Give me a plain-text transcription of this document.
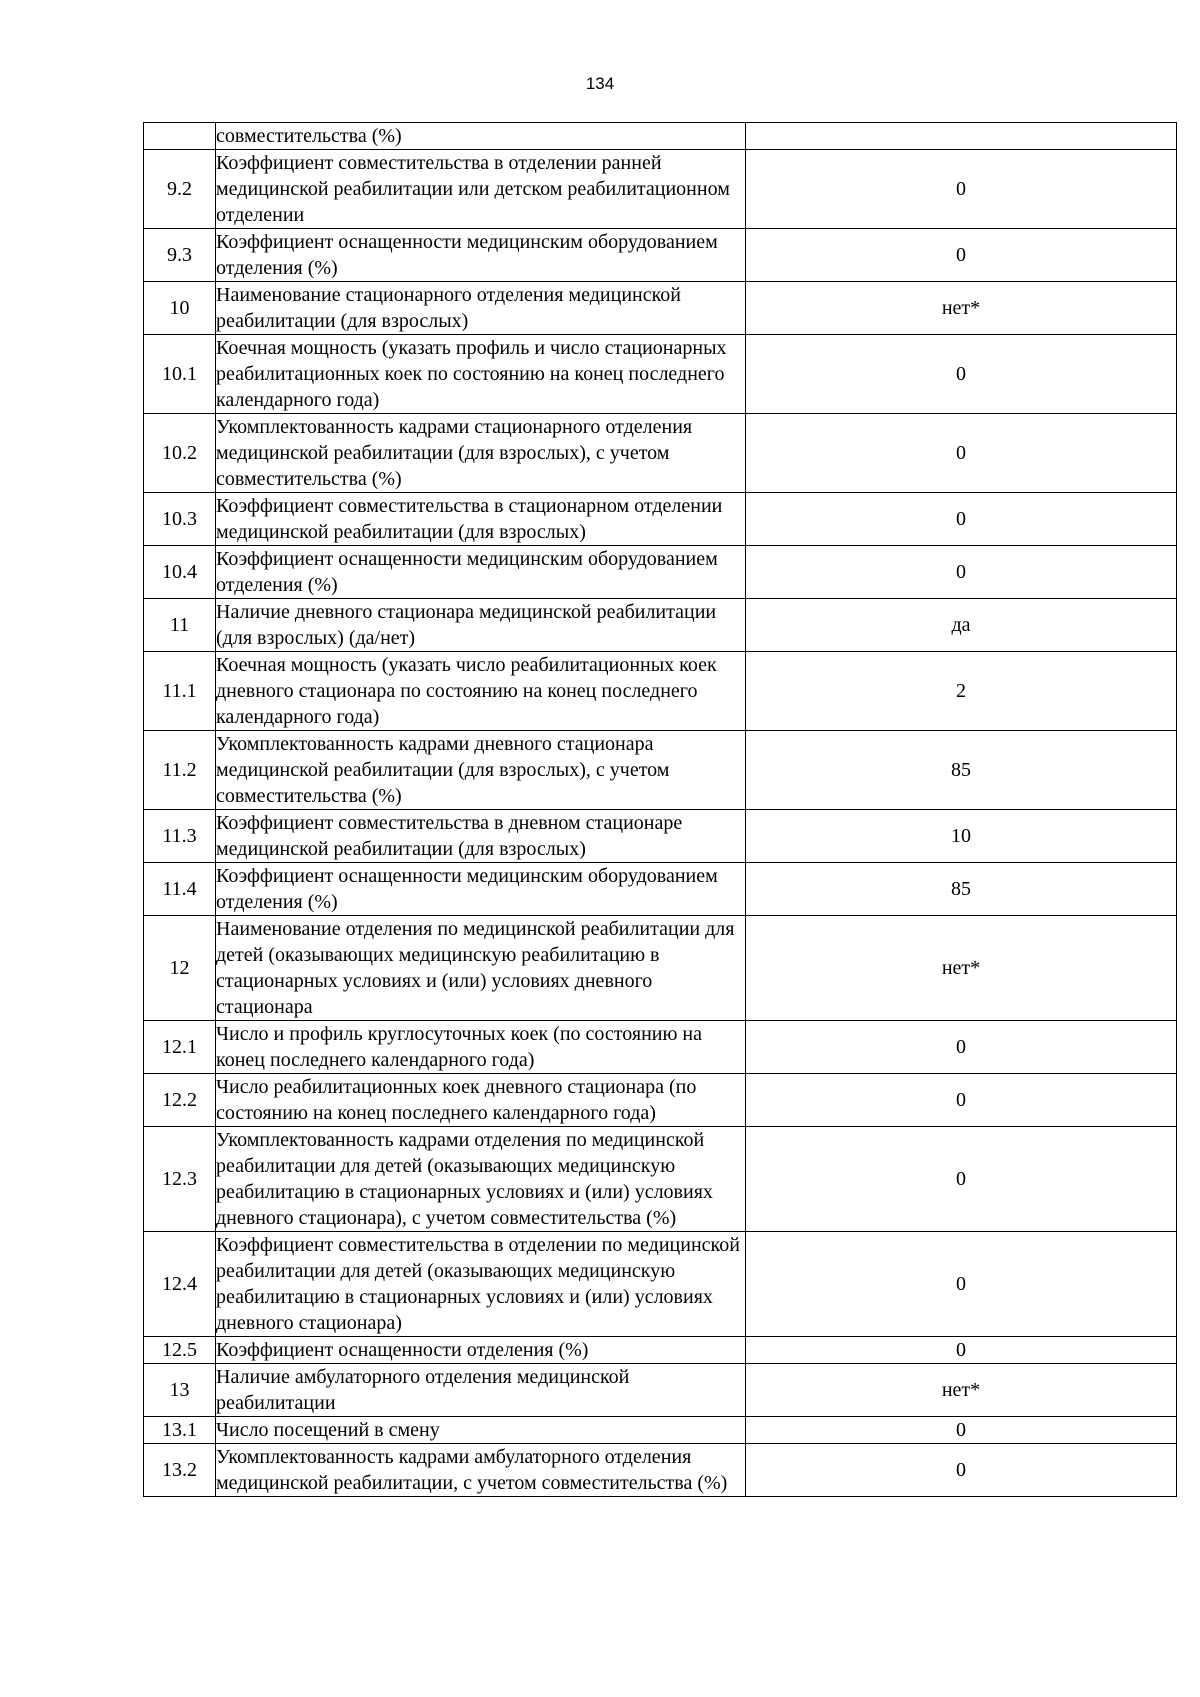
134
	совместительства (%)	
9.2	Коэффициент совместительства в отделении ранней медицинской реабилитации или детском реабилитационном отделении	0
9.3	Коэффициент оснащенности медицинским оборудованием отделения (%)	0
10	Наименование стационарного отделения медицинской реабилитации (для взрослых)	нет*
10.1	Коечная мощность (указать профиль и число стационарных реабилитационных коек по состоянию на конец последнего календарного года)	0
10.2	Укомплектованность кадрами стационарного отделения медицинской реабилитации (для взрослых), с учетом совместительства (%)	0
10.3	Коэффициент совместительства в стационарном отделении медицинской реабилитации (для взрослых)	0
10.4	Коэффициент оснащенности медицинским оборудованием отделения (%)	0
11	Наличие дневного стационара медицинской реабилитации (для взрослых) (да/нет)	да
11.1	Коечная мощность (указать число реабилитационных коек дневного стационара по состоянию на конец последнего календарного года)	2
11.2	Укомплектованность кадрами дневного стационара медицинской реабилитации (для взрослых), с учетом совместительства (%)	85
11.3	Коэффициент совместительства в дневном стационаре медицинской реабилитации (для взрослых)	10
11.4	Коэффициент оснащенности медицинским оборудованием отделения (%)	85
12	Наименование отделения по медицинской реабилитации для детей (оказывающих медицинскую реабилитацию в стационарных условиях и (или) условиях дневного стационара	нет*
12.1	Число и профиль круглосуточных коек (по состоянию на конец последнего календарного года)	0
12.2	Число реабилитационных коек дневного стационара (по состоянию на конец последнего календарного года)	0
12.3	Укомплектованность кадрами отделения по медицинской реабилитации для детей (оказывающих медицинскую реабилитацию в стационарных условиях и (или) условиях дневного стационара), с учетом совместительства (%)	0
12.4	Коэффициент совместительства в отделении по медицинской реабилитации для детей (оказывающих медицинскую реабилитацию в стационарных условиях и (или) условиях дневного стационара)	0
12.5	Коэффициент оснащенности отделения (%)	0
13	Наличие амбулаторного отделения медицинской реабилитации	нет*
13.1	Число посещений в смену	0
13.2	Укомплектованность кадрами амбулаторного отделения медицинской реабилитации, с учетом совместительства (%)	0
